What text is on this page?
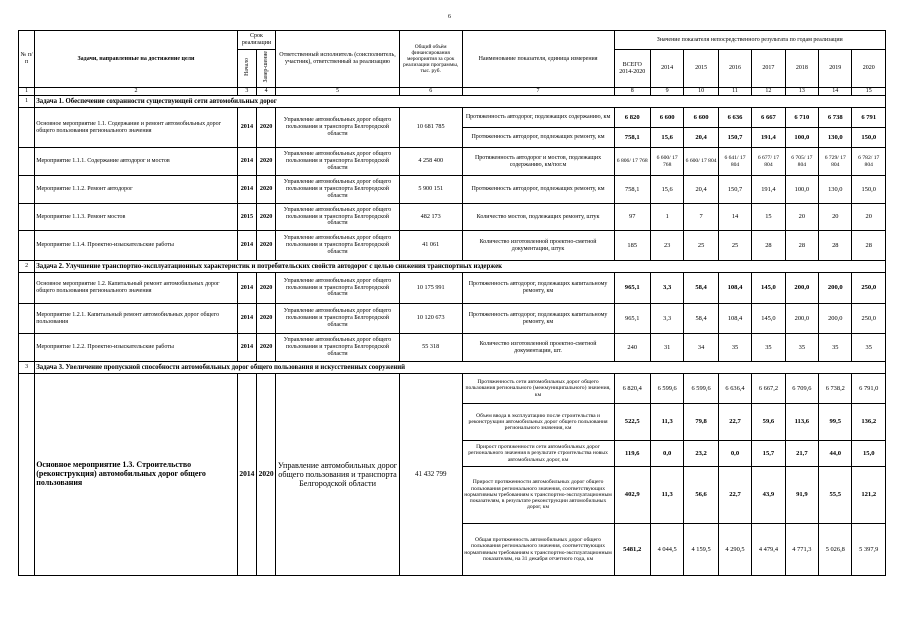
6
№ п/п	Задачи, направленные на достижение цели	Срок реализации		Ответственный исполнитель (соисполнитель, участник), ответственный за реализацию	Общий объём финансирования мероприятия за срок реализации программы, тыс. руб.	Наименование показателя, единица измерения	Значение показателя непосредственного результата по годам реализации							
		Начало	Завер-шение				ВСЕГО 2014-2020	2014	2015	2016	2017	2018	2019	2020
1	2	3	4	5	6	7	8	9	10	11	12	13	14	15
1	Задача 1. Обеспечение сохранности существующей сети автомобильных дорог													
	Основное мероприятие 1.1. Содержание и ремонт автомобильных дорог общего пользования регионального значения	2014	2020	Управление автомобильных дорог общего пользования и транспорта Белгородской области	10 681 785	Протяженность автодорог, подлежащих содержанию, км	6 820	6 600	6 600	6 636	6 667	6 710	6 738	6 791
						Протяженность автодорог, подлежащих ремонту, км	758,1	15,6	20,4	150,7	191,4	100,0	130,0	150,0
	Мероприятие 1.1.1. Содержание автодорог и мостов	2014	2020	Управление автомобильных дорог общего пользования и транспорта Белгородской области	4 258 400	Протяженность автодорог и мостов, подлежащих содержанию, км/пог.м	6 806/ 17 768	6 600/ 17 768	6 600/ 17 804	6 641/ 17 804	6 677/ 17 804	6 705/ 17 804	6 729/ 17 804	6 782/ 17 804
	Мероприятие 1.1.2. Ремонт автодорог	2014	2020	Управление автомобильных дорог общего пользования и транспорта Белгородской области	5 900 151	Протяженность автодорог, подлежащих ремонту, км	758,1	15,6	20,4	150,7	191,4	100,0	130,0	150,0
	Мероприятие 1.1.3. Ремонт мостов	2015	2020	Управление автомобильных дорог общего пользования и транспорта Белгородской области	482 173	Количество мостов, подлежащих ремонту, штук	97	1	7	14	15	20	20	20
	Мероприятие 1.1.4. Проектно-изыскательские работы	2014	2020	Управление автомобильных дорог общего пользования и транспорта Белгородской области	41 061	Количество изготовленной проектно-сметной документации, штук	185	23	25	25	28	28	28	28
2	Задача 2. Улучшение транспортно-эксплуатационных характеристик и потребительских свойств автодорог с целью снижения транспортных издержек													
	Основное мероприятие 1.2. Капитальный ремонт автомобильных дорог общего пользования регионального значения	2014	2020	Управление автомобильных дорог общего пользования и транспорта Белгородской области	10 175 991	Протяженность автодорог, подлежащих капитальному ремонту, км	965,1	3,3	58,4	108,4	145,0	200,0	200,0	250,0
	Мероприятие 1.2.1. Капитальный ремонт автомобильных дорог общего пользования	2014	2020	Управление автомобильных дорог общего пользования и транспорта Белгородской области	10 120 673	Протяженность автодорог, подлежащих капитальному ремонту, км	965,1	3,3	58,4	108,4	145,0	200,0	200,0	250,0
	Мероприятие 1.2.2. Проектно-изыскательские работы	2014	2020	Управление автомобильных дорог общего пользования и транспорта Белгородской области	55 318	Количество изготовленной проектно-сметной документации, шт.	240	31	34	35	35	35	35	35
3	Задача 3. Увеличение пропускной способности автомобильных дорог общего пользования и искусственных сооружений													
	Основное мероприятие 1.3. Строительство (реконструкция) автомобильных дорог общего пользования	2014	2020	Управление автомобильных дорог общего пользования и транспорта Белгородской области	41 432 799	Протяженность сети автомобильных дорог общего пользования регионального (межмуниципального) значения, км	6 820,4	6 599,6	6 599,6	6 636,4	6 667,2	6 709,6	6 738,2	6 791,0
						Объем ввода в эксплуатацию после строительства и реконструкции автомобильных дорог общего пользования регионального значения, км	522,5	11,3	79,8	22,7	59,6	113,6	99,5	136,2
						Прирост протяженности сети автомобильных дорог регионального значения в результате строительства новых автомобильных дорог, км	119,6	0,0	23,2	0,0	15,7	21,7	44,0	15,0
						Прирост протяженности автомобильных дорог общего пользования регионального значения, соответствующих нормативным требованиям к транспортно-эксплуатационным показателям, в результате реконструкции автомобильных дорог, км	402,9	11,3	56,6	22,7	43,9	91,9	55,5	121,2
						Общая протяженность автомобильных дорог общего пользования регионального значения, соответствующих нормативным требованиям к транспортно-эксплуатационным показателям, на 31 декабря отчетного года, км	5481,2	4 044,5	4 159,5	4 290,5	4 479,4	4 771,3	5 026,8	5 397,9
